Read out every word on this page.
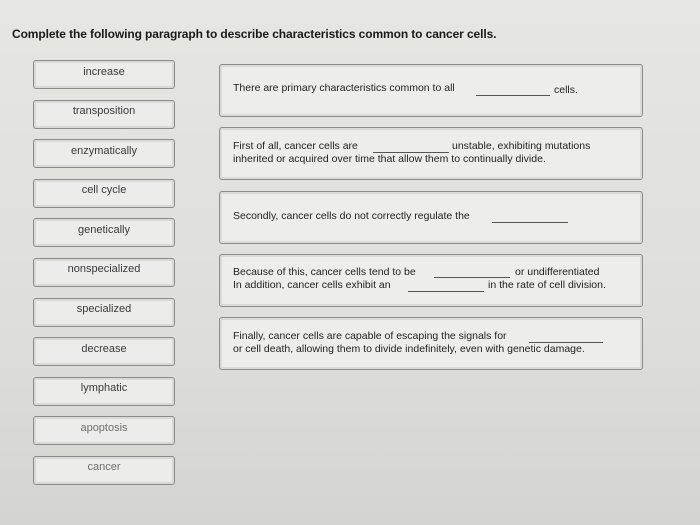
Complete the following paragraph to describe characteristics common to cancer cells.
increase
transposition
enzymatically
cell cycle
genetically
nonspecialized
specialized
decrease
lymphatic
apoptosis
cancer
There are primary characteristics common to all	cells.
First of all, cancer cells are	unstable, exhibiting mutations
inherited or acquired over time that allow them to continually divide.
Secondly, cancer cells do not correctly regulate the
Because of this, cancer cells tend to be	or undifferentiated
In addition, cancer cells exhibit an	in the rate of cell division.
Finally, cancer cells are capable of escaping the signals for
or cell death, allowing them to divide indefinitely, even with genetic damage.
